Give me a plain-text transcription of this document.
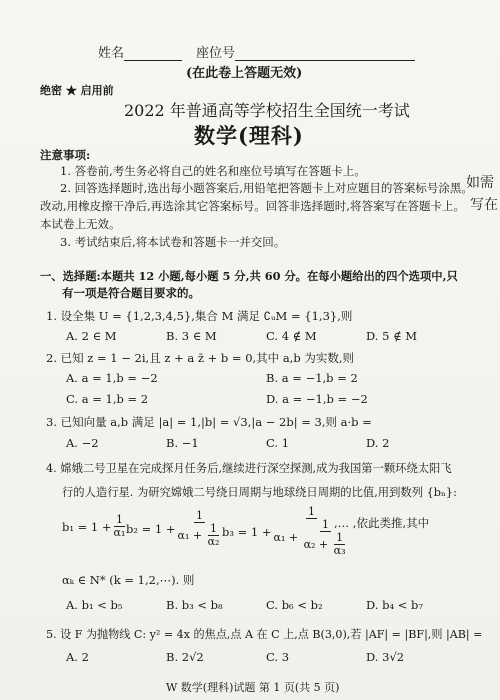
姓名	座位号
(在此卷上答题无效)
绝密 ★ 启用前
2022 年普通高等学校招生全国统一考试
数学(理科)
注意事项:
1. 答卷前,考生务必将自己的姓名和座位号填写在答题卡上。
2. 回答选择题时,选出每小题答案后,用铅笔把答题卡上对应题目的答案标号涂黑。
改动,用橡皮擦干净后,再选涂其它答案标号。回答非选择题时,将答案写在答题卡上。
本试卷上无效。
3. 考试结束后,将本试卷和答题卡一并交回。
如需
写在
一、选择题:本题共 12 小题,每小题 5 分,共 60 分。在每小题给出的四个选项中,只
有一项是符合题目要求的。
1. 设全集 U = {1,2,3,4,5},集合 M 满足 ∁ᵤM = {1,3},则
A. 2 ∈ M	B. 3 ∈ M	C. 4 ∉ M	D. 5 ∉ M
2. 已知 z = 1 − 2i,且 z + a z̄ + b = 0,其中 a,b 为实数,则
A. a = 1,b = −2	B. a = −1,b = 2
C. a = 1,b = 2	D. a = −1,b = −2
3. 已知向量 a,b 满足 |a| = 1,|b| = √3,|a − 2b| = 3,则 a·b =
A. −2	B. −1	C. 1	D. 2
4. 嫦娥二号卫星在完成探月任务后,继续进行深空探测,成为我国第一颗环绕太阳飞
行的人造行星. 为研究嫦娥二号绕日周期与地球绕日周期的比值,用到数列 {bₙ}:
$b_1 = 1 + \frac{1}{\text{α₁}}$
$b_2 = 1 + \frac{1}{\alpha_1 + \frac{1}{\text{α₂}}}$
b₃ = 1 +
1
$\alpha_1 + \frac{1}{\alpha_2 + \frac{1}{\text{α₃}}}$
,… ,依此类推,其中
αₖ ∈ N* (k = 1,2,⋯). 则
A. b₁ < b₅	B. b₃ < b₈	C. b₆ < b₂	D. b₄ < b₇
5. 设 F 为抛物线 C: y² = 4x 的焦点,点 A 在 C 上,点 B(3,0),若 |AF| = |BF|,则 |AB| =
A. 2	B. 2√2	C. 3	D. 3√2
W 数学(理科)试题 第 1 页(共 5 页)
